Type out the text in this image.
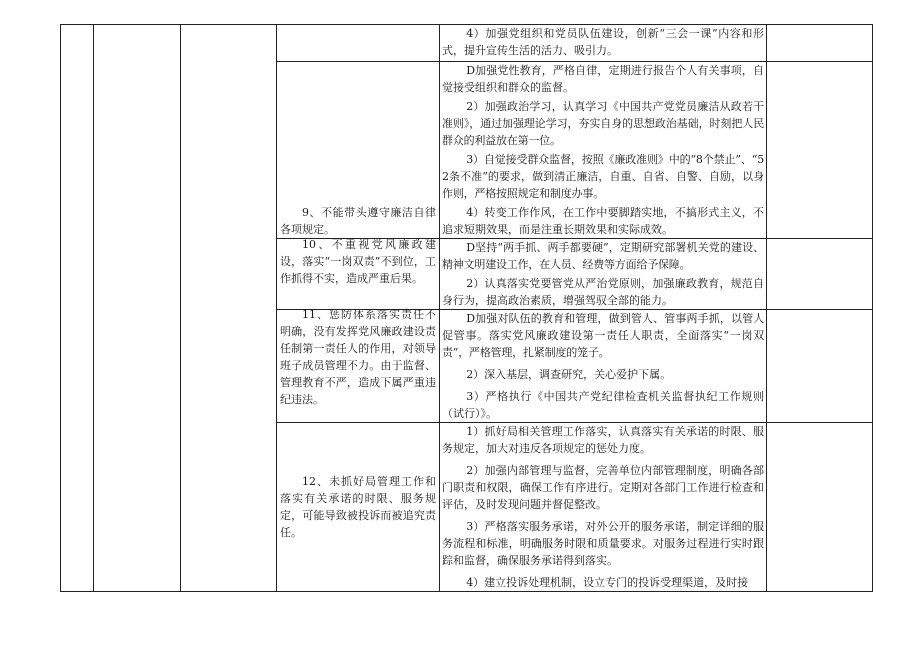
				4）加强党组织和党员队伍建设，创新“三会一课”内容和形式，提升宣传生活的活力、吸引力。	

			9、不能带头遵守廉洁自律各项规定。	D加强党性教育，严格自律，定期进行报告个人有关事项，自觉接受组织和群众的监督。

2）加强政治学习，认真学习《中国共产党党员廉洁从政若干准则》，通过加强理论学习，夯实自身的思想政治基础，时刻把人民群众的利益放在第一位。

3）自觉接受群众监督，按照《廉政准则》中的“8个禁止”、“52条不准”的要求，做到清正廉洁，自重、自省、自警、自励，以身作则，严格按照规定和制度办事。

4）转变工作作风，在工作中要脚踏实地，不搞形式主义，不追求短期效果，而是注重长期效果和实际成效。	

			10、不重视党风廉政建设，落实“一岗双责”不到位，工作抓得不实，造成严重后果。	D坚持“两手抓、两手都要硬”，定期研究部署机关党的建设、精神文明建设工作，在人员、经费等方面给予保障。

2）认真落实党要管党从严治党原则，加强廉政教育，规范自身行为，提高政治素质，增强驾驭全部的能力。	

			11、惩防体系落实责任不明确，没有发挥党风廉政建设责任制第一责任人的作用，对领导班子成员管理不力。由于监督、管理教育不严，造成下属严重违纪违法。	D加强对队伍的教育和管理，做到管人、管事两手抓，以管人促管事。落实党风廉政建设第一责任人职责，全面落实“一岗双责”，严格管理，扎紧制度的笼子。

2）深入基层，调查研究，关心爱护下属。

3）严格执行《中国共产党纪律检查机关监督执纪工作规则（试行）》。	

			12、未抓好局管理工作和落实有关承诺的时限、服务规定，可能导致被投诉而被追究责任。	1）抓好局相关管理工作落实，认真落实有关承诺的时限、服务规定，加大对违反各项规定的惩处力度。

2）加强内部管理与监督，完善单位内部管理制度，明确各部门职责和权限，确保工作有序进行。定期对各部门工作进行检查和评估，及时发现问题并督促整改。

3）严格落实服务承诺，对外公开的服务承诺，制定详细的服务流程和标准，明确服务时限和质量要求。对服务过程进行实时跟踪和监督，确保服务承诺得到落实。

4）建立投诉处理机制，设立专门的投诉受理渠道，及时接	
